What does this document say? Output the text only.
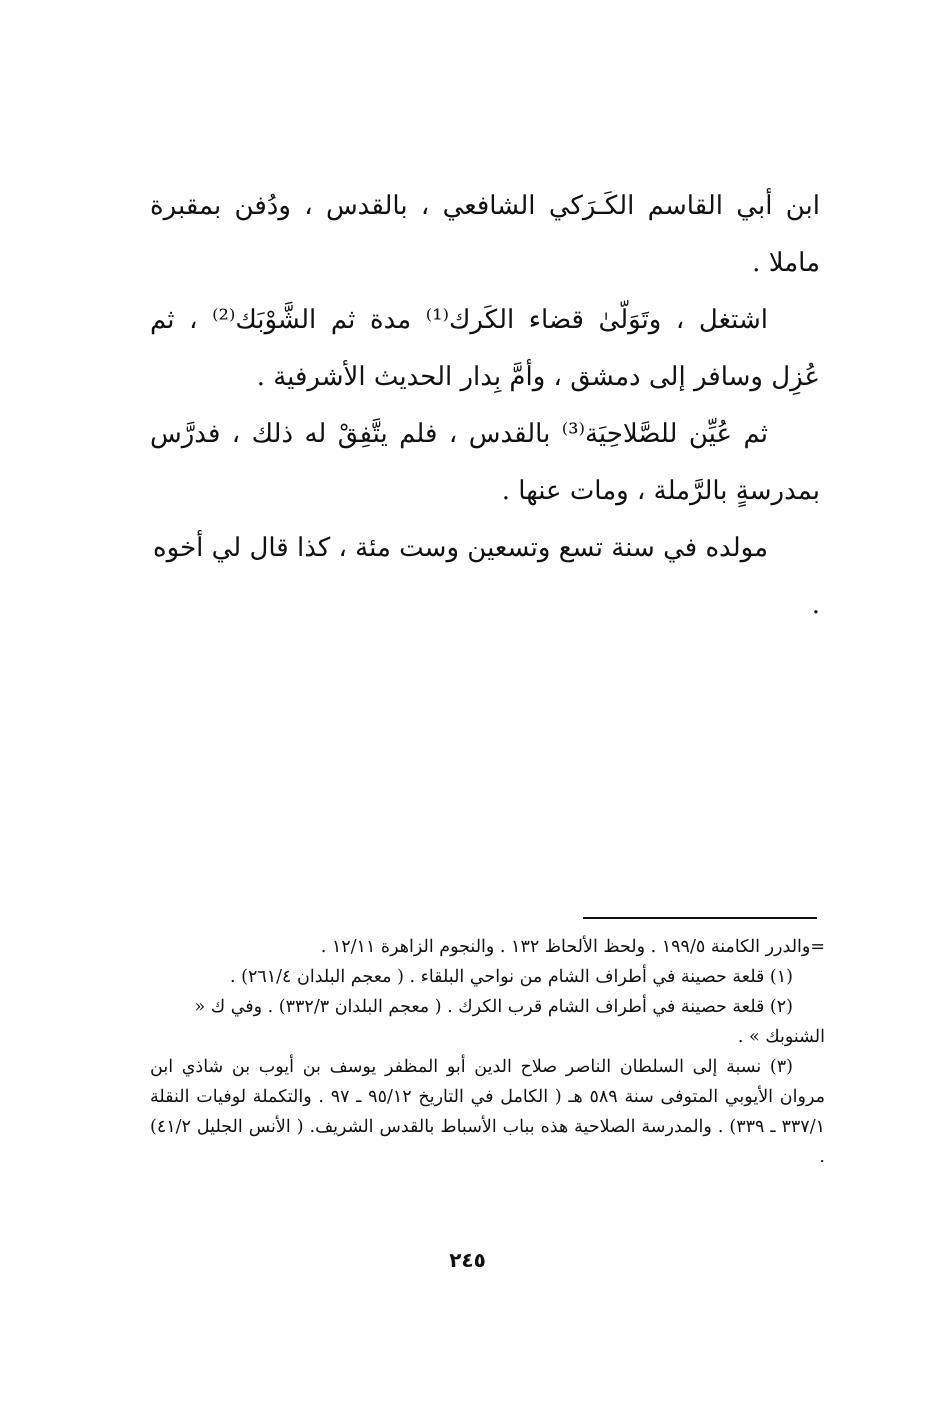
ابن أبي القاسم الكَـرَكي الشافعي ، بالقدس ، ودُفن بمقبرة ماملا .

اشتغل ، وتَوَلّىٰ قضاء الكَرك⁽¹⁾ مدة ثم الشَّوْبَك⁽²⁾ ، ثم عُزِل وسافر إلى دمشق ، وأمَّ بِدار الحديث الأشرفية .

ثم عُيِّن للصَّلاحِيَة⁽³⁾ بالقدس ، فلم يتَّفِقْ له ذلك ، فدرَّس بمدرسةٍ بالرَّملة ، ومات عنها .

مولده في سنة تسع وتسعين وست مئة ، كذا قال لي أخوه .

=والدرر الكامنة ١٩٩/٥ . ولحظ الألحاظ ١٣٢ . والنجوم الزاهرة ١٢/١١ .

(١) قلعة حصينة في أطراف الشام من نواحي البلقاء . ( معجم البلدان ٢٦١/٤) .

(٢) قلعة حصينة في أطراف الشام قرب الكرك . ( معجم البلدان ٣٣٢/٣) . وفي ك « الشنوبك » .

(٣) نسبة إلى السلطان الناصر صلاح الدين أبو المظفر يوسف بن أيوب بن شاذي ابن مروان الأيوبي المتوفى سنة ٥٨٩ هـ ( الكامل في التاريخ ٩٥/١٢ ـ ٩٧ . والتكملة لوفيات النقلة ٣٣٧/١ ـ ٣٣٩) . والمدرسة الصلاحية هذه بباب الأسباط بالقدس الشريف. ( الأنس الجليل ٤١/٢) .

٢٤٥
